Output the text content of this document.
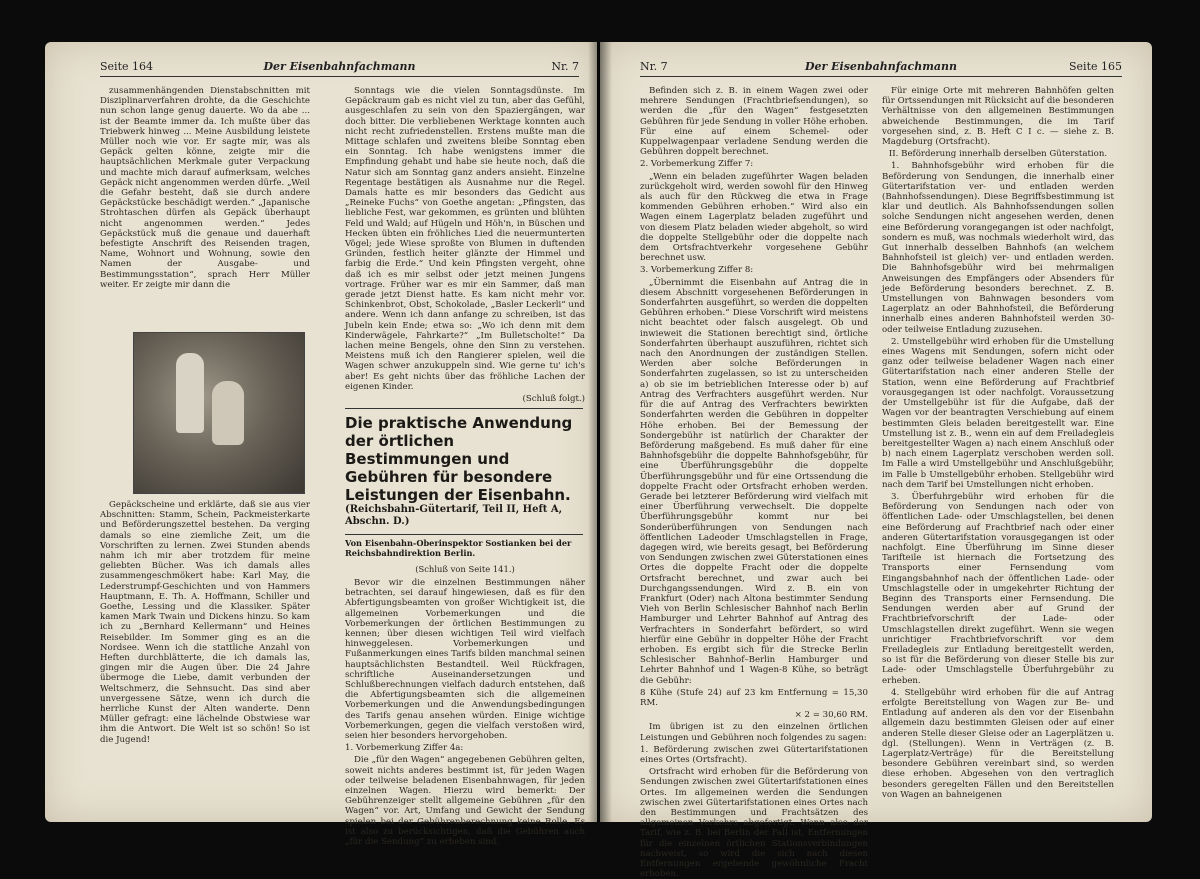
Seite 164	Der Eisenbahnfachmann	Nr. 7

zusammenhängenden Dienstabschnitten mit Disziplinarverfahren drohte, da die Geschichte nun schon lange genug dauerte. Wo da abe ... ist der Beamte immer da. Ich mußte über das Triebwerk hinweg ... Meine Ausbildung leistete Müller noch wie vor. Er sagte mir, was als Gepäck gelten könne, zeigte mir die hauptsächlichen Merkmale guter Verpackung und machte mich darauf aufmerksam, welches Gepäck nicht angenommen werden dürfe. „Weil die Gefahr besteht, daß sie durch andere Gepäckstücke beschädigt werden.“ „Japanische Strohtaschen dürfen als Gepäck überhaupt nicht angenommen werden.“ Jedes Gepäckstück muß die genaue und dauerhaft befestigte Anschrift des Reisenden tragen, Name, Wohnort und Wohnung, sowie den Namen der Ausgabe- und Bestimmungsstation“, sprach Herr Müller weiter. Er zeigte mir dann die

Gepäckscheine und erklärte, daß sie aus vier Abschnitten: Stamm, Schein, Packmeisterkarte und Beförderungszettel bestehen. Da verging damals so eine ziemliche Zeit, um die Vorschriften zu lernen. Zwei Stunden abends nahm ich mir aber trotzdem für meine geliebten Bücher. Was ich damals alles zusammengeschmökert habe: Karl May, die Lederstrumpf-Geschichten und von Hammers Hauptmann, E. Th. A. Hoffmann, Schiller und Goethe, Lessing und die Klassiker. Später kamen Mark Twain und Dickens hinzu. So kam ich zu „Bernhard Kellermann“ und Heines Reisebilder. Im Sommer ging es an die Nordsee. Wenn ich die stattliche Anzahl von Heften durchblätterte, die ich damals las, gingen mir die Augen über. Die 24 Jahre übermoge die Liebe, damit verbunden der Weltschmerz, die Sehnsucht. Das sind aber unvergessene Sätze, wenn ich durch die herrliche Kunst der Alten wanderte. Denn Müller gefragt: eine lächelnde Obstwiese war ihm die Antwort. Die Welt ist so schön! So ist die Jugend!

Sonntags wie die vielen Sonntagsdünste. Im Gepäckraum gab es nicht viel zu tun, aber das Gefühl, ausgeschlafen zu sein von den Spaziergängen, war doch bitter. Die verbliebenen Werktage konnten auch nicht recht zufriedenstellen. Erstens mußte man die Mittage schlafen und zweitens bleibe Sonntag eben ein Sonntag. Ich habe wenigstens immer die Empfindung gehabt und habe sie heute noch, daß die Natur sich am Sonntag ganz anders ansieht. Einzelne Regentage bestätigen als Ausnahme nur die Regel. Damals hatte es mir besonders das Gedicht aus „Reineke Fuchs“ von Goethe angetan: „Pfingsten, das liebliche Fest, war gekommen, es grünten und blühten Feld und Wald; auf Hügeln und Höh'n, in Büschen und Hecken übten ein fröhliches Lied die neuermunterten Vögel; jede Wiese sproßte von Blumen in duftenden Gründen, festlich heiter glänzte der Himmel und farbig die Erde.“ Und kein Pfingsten vergeht, ohne daß ich es mir selbst oder jetzt meinen Jungens vortrage. Früher war es mir ein Sammer, daß man gerade jetzt Dienst hatte. Es kam nicht mehr vor. Schinkenbrot, Obst, Schokolade, „Basler Leckerli“ und andere. Wenn ich dann anfange zu schreiben, ist das Jubeln kein Ende; etwa so: „Wo ich denn mit dem Kinderwägele, Fahrkarte?“ „Im Bulletscholte!“ Da lachen meine Bengels, ohne den Sinn zu verstehen. Meistens muß ich den Rangierer spielen, weil die Wagen schwer anzukuppeln sind. Wie gerne tu' ich's aber! Es geht nichts über das fröhliche Lachen der eigenen Kinder.

(Schluß folgt.)

Die praktische Anwendung der örtlichen Bestimmungen und Gebühren für besondere Leistungen der Eisenbahn.
(Reichsbahn-Gütertarif, Teil II, Heft A, Abschn. D.)
Von Eisenbahn-Oberinspektor Sostianken bei der Reichsbahndirektion Berlin.
(Schluß von Seite 141.)

Bevor wir die einzelnen Bestimmungen näher betrachten, sei darauf hingewiesen, daß es für den Abfertigungsbeamten von großer Wichtigkeit ist, die allgemeinen Vorbemerkungen und die Vorbemerkungen der örtlichen Bestimmungen zu kennen; über diesen wichtigen Teil wird vielfach hinweggelesen. Vorbemerkungen und Fußanmerkungen eines Tarifs bilden manchmal seinen hauptsächlichsten Bestandteil. Weil Rückfragen, schriftliche Auseinandersetzungen und Schlußberechnungen vielfach dadurch entstehen, daß die Abfertigungsbeamten sich die allgemeinen Vorbemerkungen und die Anwendungsbedingungen des Tarifs genau ansehen würden. Einige wichtige Vorbemerkungen, gegen die vielfach verstoßen wird, seien hier besonders hervorgehoben.

1. Vorbemerkung Ziffer 4a:

Die „für den Wagen“ angegebenen Gebühren gelten, soweit nichts anderes bestimmt ist, für jeden Wagen oder teilweise beladenen Eisenbahnwagen, für jeden einzelnen Wagen. Hierzu wird bemerkt: Der Gebührenzeiger stellt allgemeine Gebühren „für den Wagen“ vor. Art, Umfang und Gewicht der Sendung spielen bei der Gebührenberechnung keine Rolle. Es ist also zu berücksichtigen, daß die Gebühren auch „für die Sendung“ zu erheben sind.

Nr. 7	Der Eisenbahnfachmann	Seite 165

Befinden sich z. B. in einem Wagen zwei oder mehrere Sendungen (Frachtbriefsendungen), so werden die „für den Wagen“ festgesetzten Gebühren für jede Sendung in voller Höhe erhoben. Für eine auf einem Schemel- oder Kuppelwagenpaar verladene Sendung werden die Gebühren doppelt berechnet.

2. Vorbemerkung Ziffer 7:

„Wenn ein beladen zugeführter Wagen beladen zurückgeholt wird, werden sowohl für den Hinweg als auch für den Rückweg die etwa in Frage kommenden Gebühren erhoben.“ Wird also ein Wagen einem Lagerplatz beladen zugeführt und von diesem Platz beladen wieder abgeholt, so wird die doppelte Stellgebühr oder die doppelte nach dem Ortsfrachtverkehr vorgesehene Gebühr berechnet usw.

3. Vorbemerkung Ziffer 8:

„Übernimmt die Eisenbahn auf Antrag die in diesem Abschnitt vorgesehenen Beförderungen in Sonderfahrten ausgeführt, so werden die doppelten Gebühren erhoben.“ Diese Vorschrift wird meistens nicht beachtet oder falsch ausgelegt. Ob und inwieweit die Stationen berechtigt sind, örtliche Sonderfahrten überhaupt auszuführen, richtet sich nach den Anordnungen der zuständigen Stellen. Werden aber solche Beförderungen in Sonderfahrten zugelassen, so ist zu unterscheiden a) ob sie im betrieblichen Interesse oder b) auf Antrag des Verfrachters ausgeführt werden. Nur für die auf Antrag des Verfrachters bewirkten Sonderfahrten werden die Gebühren in doppelter Höhe erhoben. Bei der Bemessung der Sondergebühr ist natürlich der Charakter der Beförderung maßgebend. Es muß daher für eine Bahnhofsgebühr die doppelte Bahnhofsgebühr, für eine Überführungsgebühr die doppelte Überführungsgebühr und für eine Ortssendung die doppelte Fracht oder Ortsfracht erhoben werden. Gerade bei letzterer Beförderung wird vielfach mit einer Überführung verwechselt. Die doppelte Überführungsgebühr kommt nur bei Sonderüberführungen von Sendungen nach öffentlichen Ladeoder Umschlagstellen in Frage, dagegen wird, wie bereits gesagt, bei Beförderung von Sendungen zwischen zwei Güterstationen eines Ortes die doppelte Fracht oder die doppelte Ortsfracht berechnet, und zwar auch bei Durchgangssendungen. Wird z. B. ein von Frankfurt (Oder) nach Altona bestimmter Sendung Vieh von Berlin Schlesischer Bahnhof nach Berlin Hamburger und Lehrter Bahnhof auf Antrag des Verfrachters in Sonderfahrt befördert, so wird hierfür eine Gebühr in doppelter Höhe der Fracht erhoben. Es ergibt sich für die Strecke Berlin Schlesischer Bahnhof–Berlin Hamburger und Lehrter Bahnhof und 1 Wagen-8 Kühe, so beträgt die Gebühr:

8 Kühe (Stufe 24) auf 23 km Entfernung = 15,30 RM.

× 2 = 30,60 RM.

Im übrigen ist zu den einzelnen örtlichen Leistungen und Gebühren noch folgendes zu sagen:

1. Beförderung zwischen zwei Gütertarifstationen eines Ortes (Ortsfracht).

Ortsfracht wird erhoben für die Beförderung von Sendungen zwischen zwei Gütertarifstationen eines Ortes. Im allgemeinen werden die Sendungen zwischen zwei Gütertarifstationen eines Ortes nach den Bestimmungen und Frachtsätzen des allgemeinen Verkehrs abgefertigt. Wenn also der Tarif, wie z. B. bei Berlin der Fall ist, Entfernungen für die einzelnen örtlichen Stationsverbindungen nachweist, so wird die sich nach diesen Entfernungen ergebende gewöhnliche Fracht erhoben.

Für einige Orte mit mehreren Bahnhöfen gelten für Ortssendungen mit Rücksicht auf die besonderen Verhältnisse von den allgemeinen Bestimmungen abweichende Bestimmungen, die im Tarif vorgesehen sind, z. B. Heft C I c. — siehe z. B. Magdeburg (Ortsfracht).

II. Beförderung innerhalb derselben Güterstation.

1. Bahnhofsgebühr wird erhoben für die Beförderung von Sendungen, die innerhalb einer Gütertarifstation ver- und entladen werden (Bahnhofssendungen). Diese Begriffsbestimmung ist klar und deutlich. Als Bahnhofssendungen sollen solche Sendungen nicht angesehen werden, denen eine Beförderung vorangegangen ist oder nachfolgt, sondern es muß, was nochmals wiederholt wird, das Gut innerhalb desselben Bahnhofs (an welchem Bahnhofsteil ist gleich) ver- und entladen werden. Die Bahnhofsgebühr wird bei mehrmaligen Anweisungen des Empfängers oder Absenders für jede Beförderung besonders berechnet. Z. B. Umstellungen von Bahnwagen besonders vom Lagerplatz an oder Bahnhofsteil, die Beförderung innerhalb eines anderen Bahnhofsteil werden 30- oder teilweise Entladung zuzusehen.

2. Umstellgebühr wird erhoben für die Umstellung eines Wagens mit Sendungen, sofern nicht oder ganz oder teilweise beladener Wagen nach einer Gütertarifstation nach einer anderen Stelle der Station, wenn eine Beförderung auf Frachtbrief vorausgegangen ist oder nachfolgt. Voraussetzung der Umstellgebühr ist für die Aufgabe, daß der Wagen vor der beantragten Verschiebung auf einem bestimmten Gleis beladen bereitgestellt war. Eine Umstellung ist z. B., wenn ein auf dem Freiladegleis bereitgestellter Wagen a) nach einem Anschluß oder b) nach einem Lagerplatz verschoben werden soll. Im Falle a wird Umstellgebühr und Anschlußgebühr, im Falle b Umstellgebühr erhoben. Stellgebühr wird nach dem Tarif bei Umstellungen nicht erhoben.

3. Überfuhrgebühr wird erhoben für die Beförderung von Sendungen nach oder von öffentlichen Lade- oder Umschlagstellen, bei denen eine Beförderung auf Frachtbrief nach oder einer anderen Gütertarifstation vorausgegangen ist oder nachfolgt. Eine Überführung im Sinne dieser Tarifteile ist hiernach die Fortsetzung des Transports einer Fernsendung vom Eingangsbahnhof nach der öffentlichen Lade- oder Umschlagstelle oder in umgekehrter Richtung der Beginn des Transports einer Fernsendung. Die Sendungen werden aber auf Grund der Frachtbriefvorschrift der Lade- oder Umschlagstellen direkt zugeführt. Wenn sie wegen unrichtiger Frachtbriefvorschrift vor dem Freiladegleis zur Entladung bereitgestellt werden, so ist für die Beförderung von dieser Stelle bis zur Lade- oder Umschlagstelle Überfuhrgebühr zu erheben.

4. Stellgebühr wird erhoben für die auf Antrag erfolgte Bereitstellung von Wagen zur Be- und Entladung auf anderen als den vor der Eisenbahn allgemein dazu bestimmten Gleisen oder auf einer anderen Stelle dieser Gleise oder an Lagerplätzen u. dgl. (Stellungen). Wenn in Verträgen (z. B. Lagerplatz-Verträge) für die Bereitstellung besondere Gebühren vereinbart sind, so werden diese erhoben. Abgesehen von den vertraglich besonders geregelten Fällen und den Bereitstellen von Wagen an bahneigenen
